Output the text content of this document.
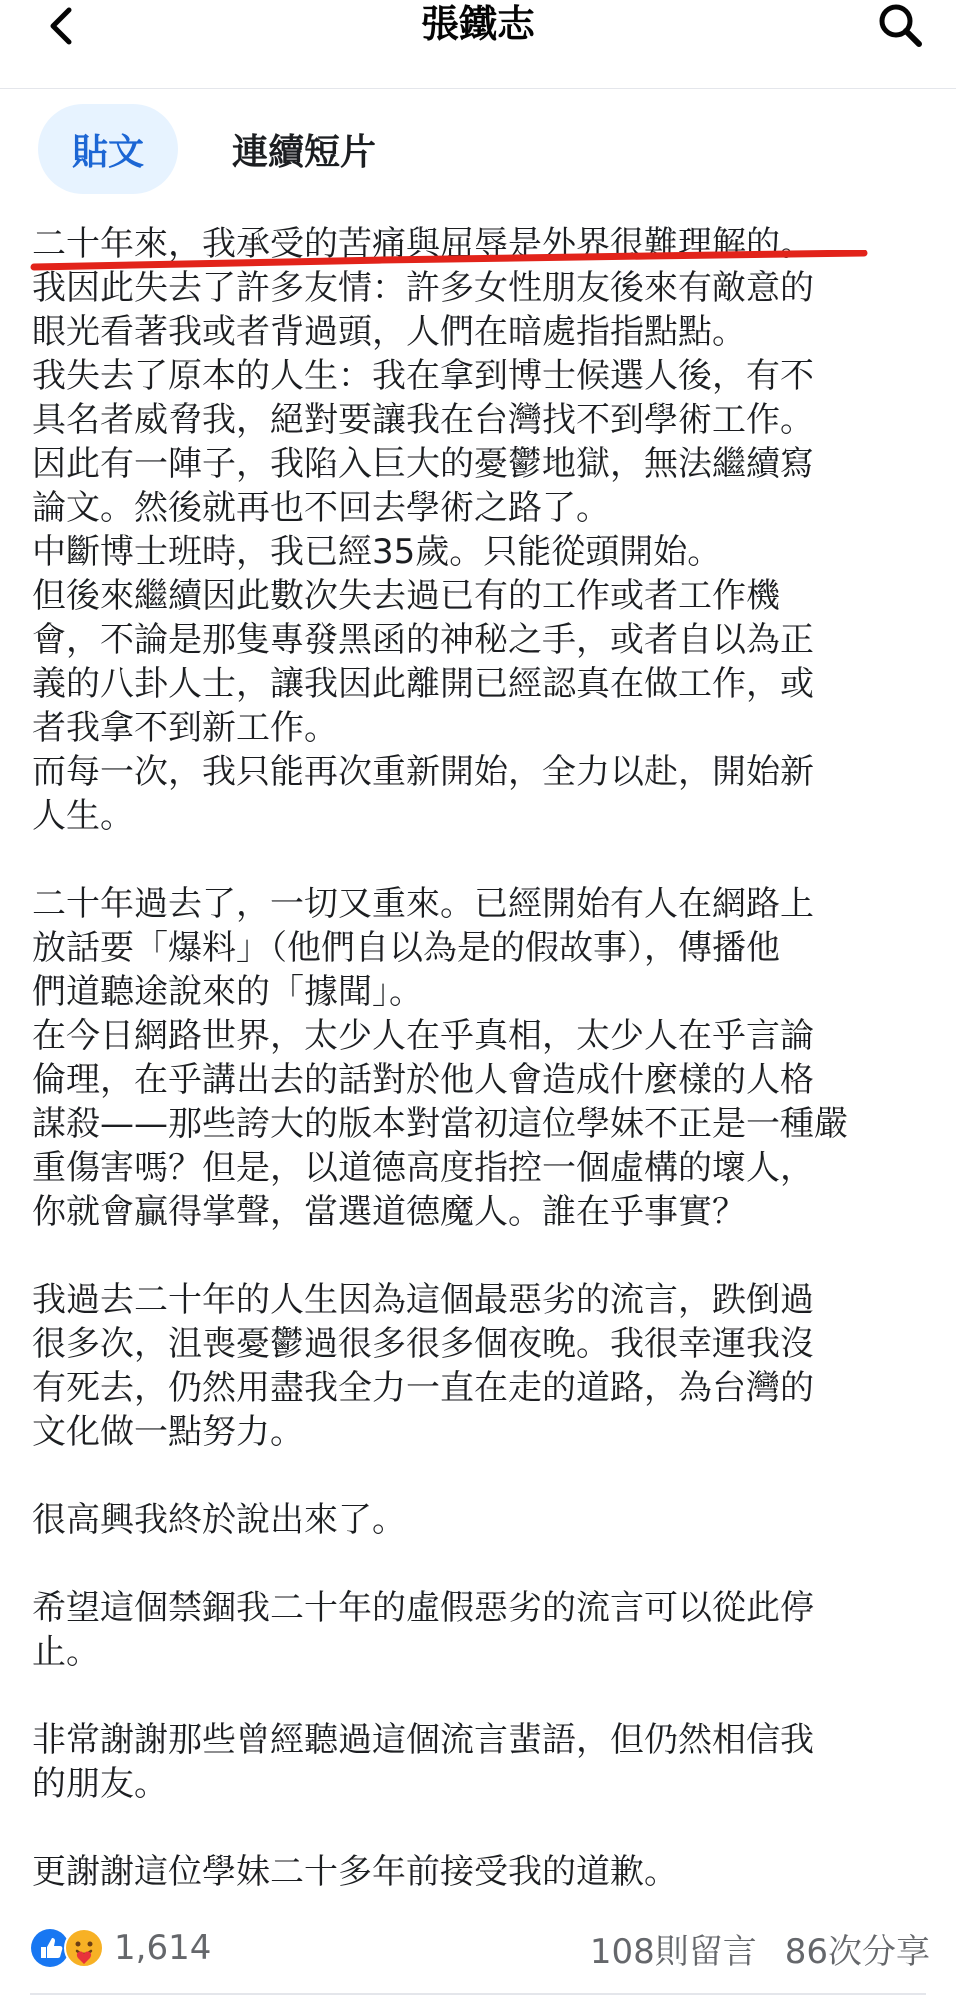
張鐵志
貼文 連續短片

二十年來，我承受的苦痛與屈辱是外界很難理解的
。

我因此失去了許多友情：許多女性朋友後來有敵意的

眼光看著我或者背過頭，人們在暗處指指點點。

我失去了原本的人生：我在拿到博士候選人後，有不

具名者威脅我，絕對要讓我在台灣找不到學術工作。

因此有一陣子，我陷入巨大的憂鬱地獄，無法繼續寫

論文。然後就再也不回去學術之路了。

中斷博士班時，我已經35歲。只能從頭開始。

但後來繼續因此數次失去過已有的工作或者工作機

會，不論是那隻專發黑函的神秘之手，或者自以為正

義的八卦人士，讓我因此離開已經認真在做工作，或

者我拿不到新工作。

而每一次，我只能再次重新開始，全力以赴，開始新

人生。

二十年過去了，一切又重來。已經開始有人在網路上

放話要「爆料」（他們自以為是的假故事），傳播他

們道聽途說來的「據聞」。

在今日網路世界，太少人在乎真相，太少人在乎言論

倫理，在乎講出去的話對於他人會造成什麼樣的人格

謀殺——那些誇大的版本對當初這位學妹不正是一種嚴

重傷害嗎？但是，以道德高度指控一個虛構的壞人，

你就會贏得掌聲，當選道德魔人。誰在乎事實？

我過去二十年的人生因為這個最惡劣的流言，跌倒過

很多次，沮喪憂鬱過很多很多個夜晚。我很幸運我沒

有死去，仍然用盡我全力一直在走的道路，為台灣的

文化做一點努力。

很高興我終於說出來了。

希望這個禁錮我二十年的虛假惡劣的流言可以從此停

止。

非常謝謝那些曾經聽過這個流言蜚語，但仍然相信我

的朋友。

更謝謝這位學妹二十多年前接受我的道歉。

1,614	108則留言 86次分享
